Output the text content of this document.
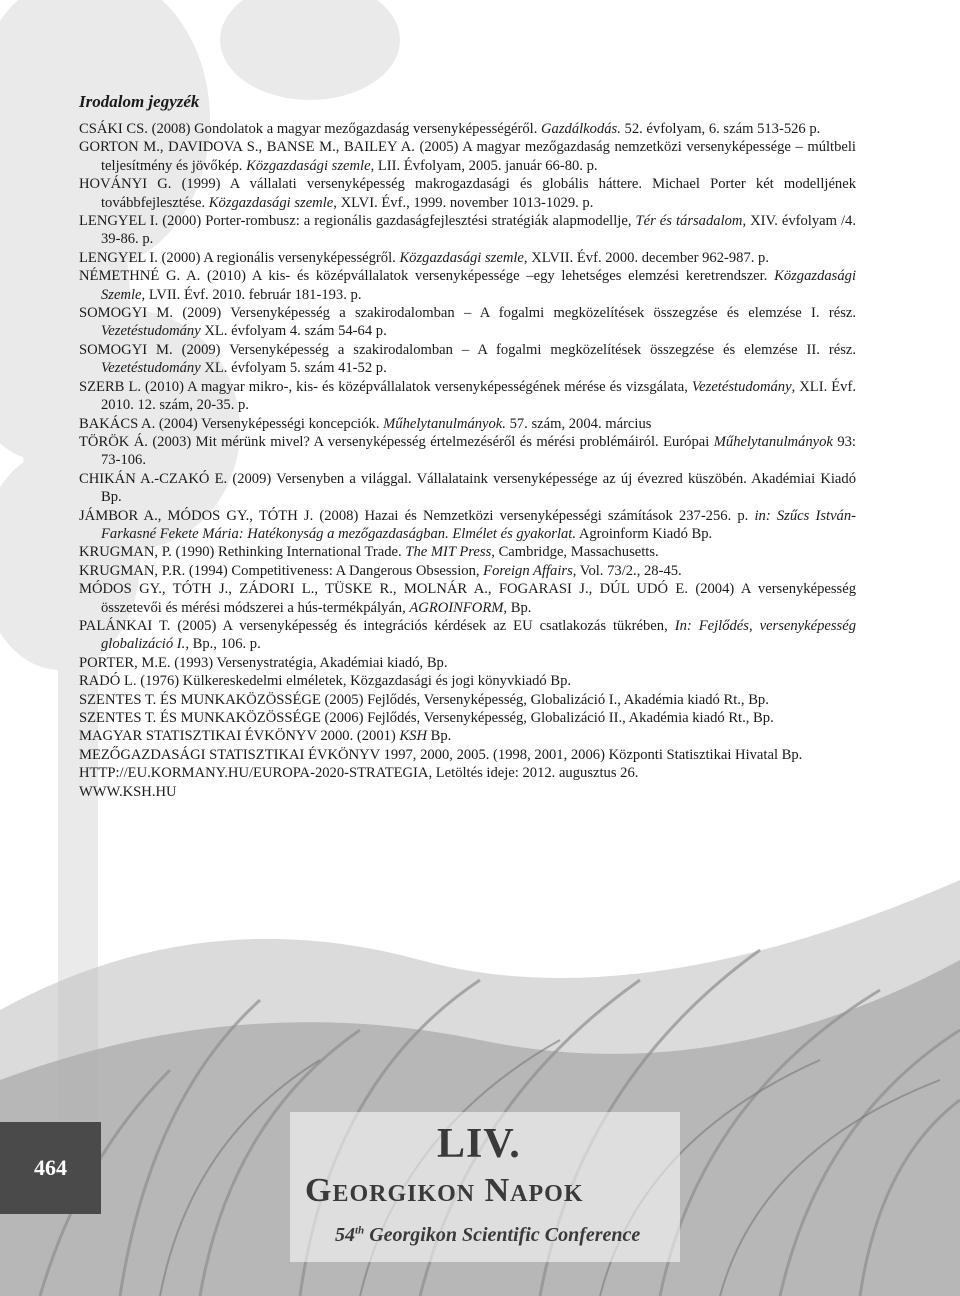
Irodalom jegyzék
CSÁKI CS. (2008) Gondolatok a magyar mezőgazdaság versenyképességéről. Gazdálkodás. 52. évfolyam, 6. szám 513-526 p.
GORTON M., DAVIDOVA S., BANSE M., BAILEY A. (2005) A magyar mezőgazdaság nemzetközi versenyképessége – múltbeli teljesítmény és jövőkép. Közgazdasági szemle, LII. Évfolyam, 2005. január 66-80. p.
HOVÁNYI G. (1999) A vállalati versenyképesség makrogazdasági és globális háttere. Michael Porter két modelljének továbbfejlesztése. Közgazdasági szemle, XLVI. Évf., 1999. november 1013-1029. p.
LENGYEL I. (2000) Porter-rombusz: a regionális gazdaságfejlesztési stratégiák alapmodellje, Tér és társadalom, XIV. évfolyam /4. 39-86. p.
LENGYEL I. (2000) A regionális versenyképességről. Közgazdasági szemle, XLVII. Évf. 2000. december 962-987. p.
NÉMETHNÉ G. A. (2010) A kis- és középvállalatok versenyképessége –egy lehetséges elemzési keretrendszer. Közgazdasági Szemle, LVII. Évf. 2010. február 181-193. p.
SOMOGYI M. (2009) Versenyképesség a szakirodalomban – A fogalmi megközelítések összegzése és elemzése I. rész. Vezetéstudomány XL. évfolyam 4. szám 54-64 p.
SOMOGYI M. (2009) Versenyképesség a szakirodalomban – A fogalmi megközelítések összegzése és elemzése II. rész. Vezetéstudomány XL. évfolyam 5. szám 41-52 p.
SZERB L. (2010) A magyar mikro-, kis- és középvállalatok versenyképességének mérése és vizsgálata, Vezetéstudomány, XLI. Évf. 2010. 12. szám, 20-35. p.
BAKÁCS A. (2004) Versenyképességi koncepciók. Műhelytanulmányok. 57. szám, 2004. március
TÖRÖK Á. (2003) Mit mérünk mivel? A versenyképesség értelmezéséről és mérési problémáiról. Európai Műhelytanulmányok 93: 73-106.
CHIKÁN A.-CZAKÓ E. (2009) Versenyben a világgal. Vállalataink versenyképessége az új évezred küszöbén. Akadémiai Kiadó Bp.
JÁMBOR A., MÓDOS GY., TÓTH J. (2008) Hazai és Nemzetközi versenyképességi számítások 237-256. p. in: Szűcs István-Farkasné Fekete Mária: Hatékonyság a mezőgazdaságban. Elmélet és gyakorlat. Agroinform Kiadó Bp.
KRUGMAN, P. (1990) Rethinking International Trade. The MIT Press, Cambridge, Massachusetts.
KRUGMAN, P.R. (1994) Competitiveness: A Dangerous Obsession, Foreign Affairs, Vol. 73/2., 28-45.
MÓDOS GY., TÓTH J., ZÁDORI L., TÜSKE R., MOLNÁR A., FOGARASI J., DÚL UDÓ E. (2004) A versenyképesség összetevői és mérési módszerei a hús-termékpályán, AGROINFORM, Bp.
PALÁNKAI T. (2005) A versenyképesség és integrációs kérdések az EU csatlakozás tükrében, In: Fejlődés, versenyképesség globalizáció I., Bp., 106. p.
PORTER, M.E. (1993) Versenystratégia, Akadémiai kiadó, Bp.
RADÓ L. (1976) Külkereskedelmi elméletek, Közgazdasági és jogi könyvkiadó Bp.
SZENTES T. ÉS MUNKAKÖZÖSSÉGE (2005) Fejlődés, Versenyképesség, Globalizáció I., Akadémia kiadó Rt., Bp.
SZENTES T. ÉS MUNKAKÖZÖSSÉGE (2006) Fejlődés, Versenyképesség, Globalizáció II., Akadémia kiadó Rt., Bp.
MAGYAR STATISZTIKAI ÉVKÖNYV 2000. (2001) KSH Bp.
MEZŐGAZDASÁGI STATISZTIKAI ÉVKÖNYV 1997, 2000, 2005. (1998, 2001, 2006) Központi Statisztikai Hivatal Bp.
HTTP://EU.KORMANY.HU/EUROPA-2020-STRATEGIA, Letöltés ideje: 2012. augusztus 26.
WWW.KSH.HU
464
LIV.
Georgikon Napok
54th Georgikon Scientific Conference
